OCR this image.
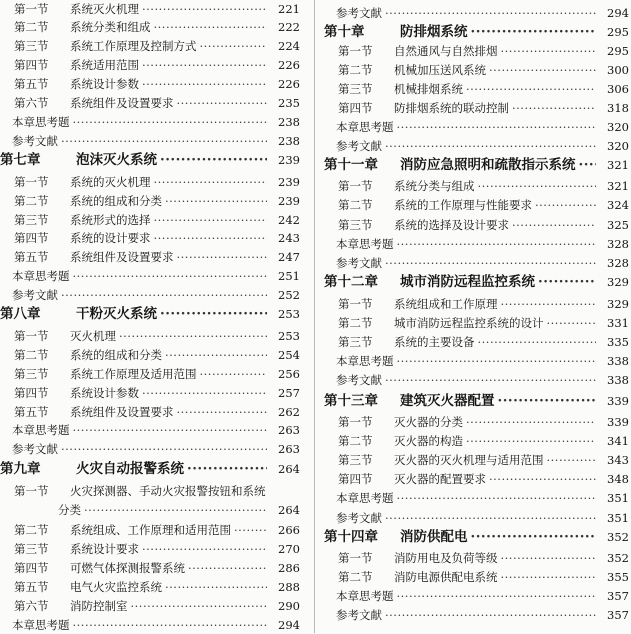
第一节	系统灭火机理 ·····	221
第二节	系统分类和组成 ·····	222
第三节	系统工作原理及控制方式 ·····	224
第四节	系统适用范围 ·····	226
第五节	系统设计参数 ·····	226
第六节	系统组件及设置要求 ·····	235
本章思考题 ·····	238
参考文献 ·····	238
第七章	泡沫灭火系统 ·····	239
第一节	系统的灭火机理 ·····	239
第二节	系统的组成和分类 ·····	239
第三节	系统形式的选择 ·····	242
第四节	系统的设计要求 ·····	243
第五节	系统组件及设置要求 ·····	247
本章思考题 ·····	251
参考文献 ·····	252
第八章	干粉灭火系统 ·····	253
第一节	灭火机理 ·····	253
第二节	系统的组成和分类 ·····	254
第三节	系统工作原理及适用范围 ·····	256
第四节	系统设计参数 ·····	257
第五节	系统组件及设置要求 ·····	262
本章思考题 ·····	263
参考文献 ·····	263
第九章	火灾自动报警系统 ·····	264
第一节	火灾探测器、手动火灾报警按钮和系统
分类 ·····	264
第二节	系统组成、工作原理和适用范围 ·····	266
第三节	系统设计要求 ·····	270
第四节	可燃气体探测报警系统 ·····	286
第五节	电气火灾监控系统 ·····	288
第六节	消防控制室 ·····	290
本章思考题 ·····	294
参考文献 ·····	294
第十章	防排烟系统 ·····	295
第一节	自然通风与自然排烟 ·····	295
第二节	机械加压送风系统 ·····	300
第三节	机械排烟系统 ·····	306
第四节	防排烟系统的联动控制 ·····	318
本章思考题 ·····	320
参考文献 ·····	320
第十一章	消防应急照明和疏散指示系统 ·····	321
第一节	系统分类与组成 ·····	321
第二节	系统的工作原理与性能要求 ·····	324
第三节	系统的选择及设计要求 ·····	325
本章思考题 ·····	328
参考文献 ·····	328
第十二章	城市消防远程监控系统 ·····	329
第一节	系统组成和工作原理 ·····	329
第二节	城市消防远程监控系统的设计 ·····	331
第三节	系统的主要设备 ·····	335
本章思考题 ·····	338
参考文献 ·····	338
第十三章	建筑灭火器配置 ·····	339
第一节	灭火器的分类 ·····	339
第二节	灭火器的构造 ·····	341
第三节	灭火器的灭火机理与适用范围 ·····	343
第四节	灭火器的配置要求 ·····	348
本章思考题 ·····	351
参考文献 ·····	351
第十四章	消防供配电 ·····	352
第一节	消防用电及负荷等级 ·····	352
第二节	消防电源供配电系统 ·····	355
本章思考题 ·····	357
参考文献 ·····	357
